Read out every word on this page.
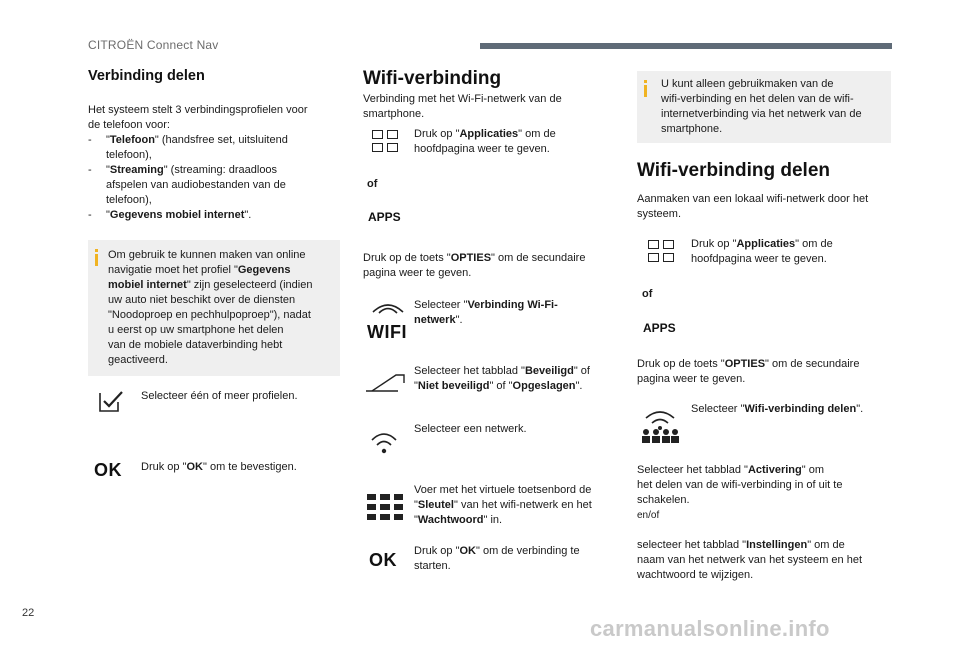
CITROËN Connect Nav
Verbinding delen
Het systeem stelt 3 verbindingsprofielen voor
de telefoon voor:
- "Telefoon" (handsfree set, uitsluitend
telefoon),
- "Streaming" (streaming: draadloos
afspelen van audiobestanden van de
telefoon),
- "Gegevens mobiel internet".
Om gebruik te kunnen maken van online
navigatie moet het profiel "Gegevens
mobiel internet" zijn geselecteerd (indien
uw auto niet beschikt over de diensten
"Noodoproep en pechhulpoproep"), nadat
u eerst op uw smartphone het delen
van de mobiele dataverbinding hebt
geactiveerd.
Selecteer één of meer profielen.
OK Druk op "OK" om te bevestigen.
Wifi-verbinding
Verbinding met het Wi-Fi-netwerk van de
smartphone.
Druk op "Applicaties" om de
hoofdpagina weer te geven.
of
APPS
Druk op de toets "OPTIES" om de secundaire
pagina weer te geven.
WIFI
Selecteer "Verbinding Wi-Fi-
netwerk".
Selecteer het tabblad "Beveiligd" of
"Niet beveiligd" of "Opgeslagen".
Selecteer een netwerk.
Voer met het virtuele toetsenbord de
"Sleutel" van het wifi-netwerk en het
"Wachtwoord" in.
OK Druk op "OK" om de verbinding te
starten.
U kunt alleen gebruikmaken van de
wifi-verbinding en het delen van de wifi-
internetverbinding via het netwerk van de
smartphone.
Wifi-verbinding delen
Aanmaken van een lokaal wifi-netwerk door het
systeem.
Druk op "Applicaties" om de
hoofdpagina weer te geven.
of
APPS
Druk op de toets "OPTIES" om de secundaire
pagina weer te geven.
Selecteer "Wifi-verbinding delen".
Selecteer het tabblad "Activering" om
het delen van de wifi-verbinding in of uit te
schakelen.
en/of
selecteer het tabblad "Instellingen" om de
naam van het netwerk van het systeem en het
wachtwoord te wijzigen.
22
carmanualsonline.info
